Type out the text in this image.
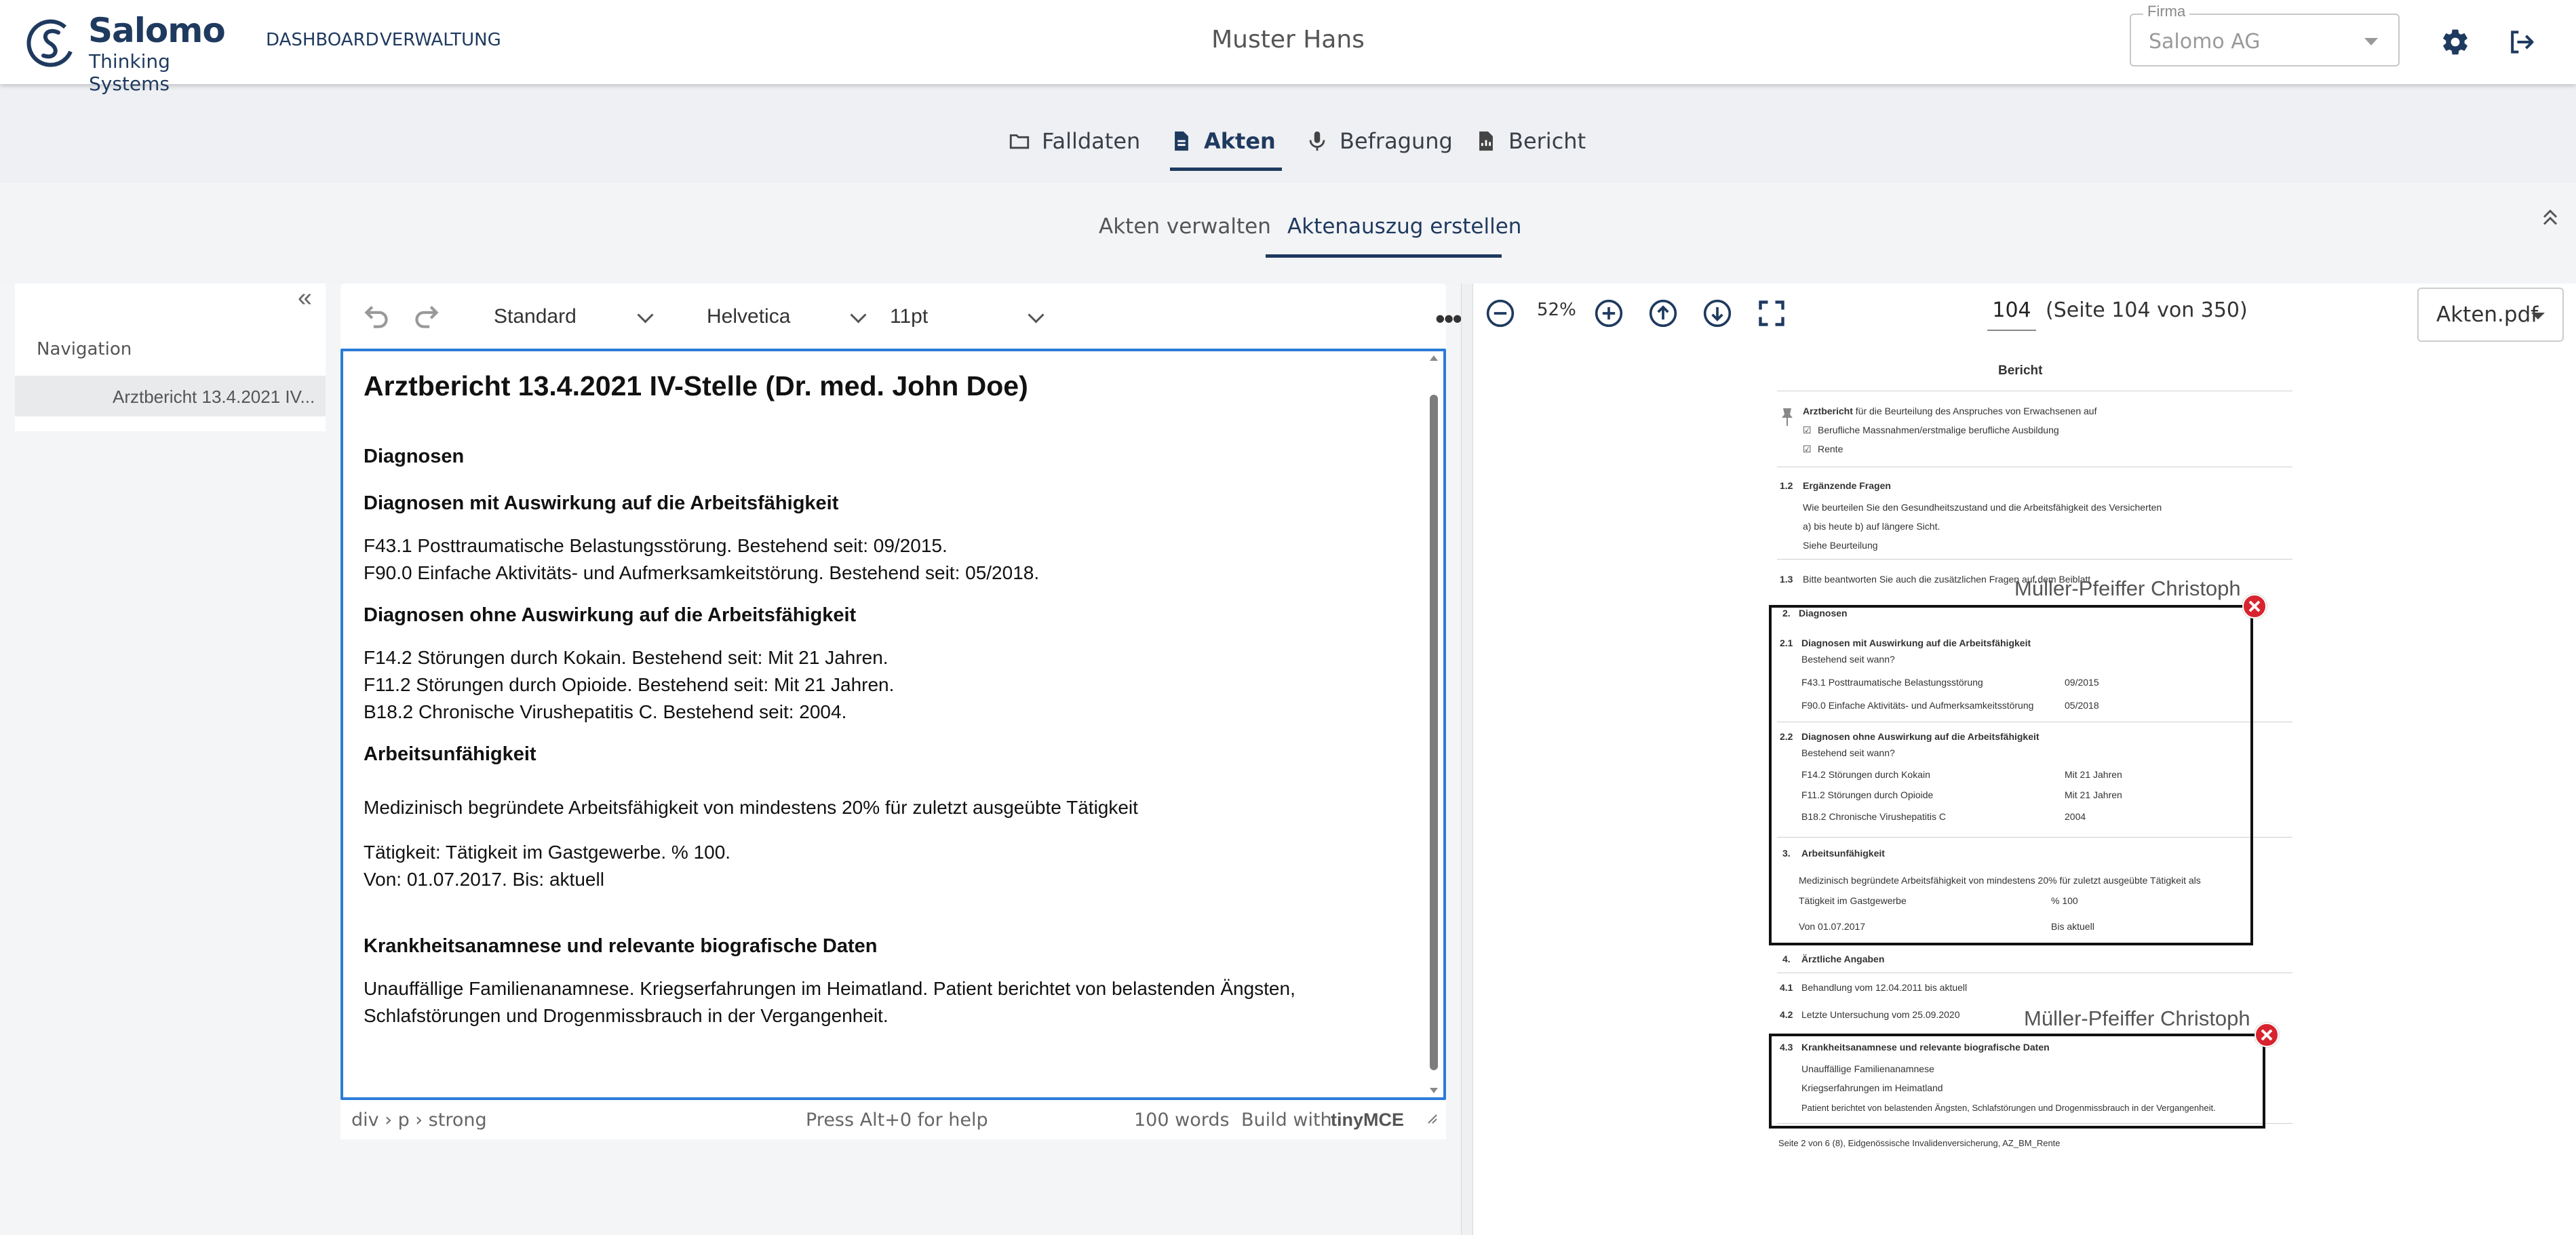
Salomo
Thinking Systems
DASHBOARD VERWALTUNG	Muster Hans
Firma
Salomo AG
Falldaten	Akten	Befragung	Bericht
Akten verwalten Aktenauszug erstellen
«
Navigation
Arztbericht 13.4.2021 IV...
Standard	Helvetica	11pt	•••
Arztbericht 13.4.2021 IV-Stelle (Dr. med. John Doe)

Diagnosen

Diagnosen mit Auswirkung auf die Arbeitsfähigkeit

F43.1 Posttraumatische Belastungsstörung. Bestehend seit: 09/2015.

F90.0 Einfache Aktivitäts- und Aufmerksamkeitstörung. Bestehend seit: 05/2018.

Diagnosen ohne Auswirkung auf die Arbeitsfähigkeit

F14.2 Störungen durch Kokain. Bestehend seit: Mit 21 Jahren.

F11.2 Störungen durch Opioide. Bestehend seit: Mit 21 Jahren.

B18.2 Chronische Virushepatitis C. Bestehend seit: 2004.

Arbeitsunfähigkeit

Medizinisch begründete Arbeitsfähigkeit von mindestens 20% für zuletzt ausgeübte Tätigkeit

Tätigkeit: Tätigkeit im Gastgewerbe. % 100.

Von: 01.07.2017. Bis: aktuell

Krankheitsanamnese und relevante biografische Daten

Unauffällige Familienanamnese. Kriegserfahrungen im Heimatland. Patient berichtet von belastenden Ängsten,

Schlafstörungen und Drogenmissbrauch in der Vergangenheit.

div › p › strong	Press Alt+0 for help	100 words Build with
tinyMCE
52%	104 (Seite 104 von 350)	Akten.pdf
Bericht
Arztbericht für die Beurteilung des Anspruches von Erwachsenen auf
☑ Berufliche Massnahmen/erstmalige berufliche Ausbildung
☑ Rente
1.2 Ergänzende Fragen
Wie beurteilen Sie den Gesundheitszustand und die Arbeitsfähigkeit des Versicherten
a) bis heute b) auf längere Sicht.
Siehe Beurteilung
1.3 Bitte beantworten Sie auch die zusätzlichen Fragen auf dem Beiblatt
2. Diagnosen
2.1 Diagnosen mit Auswirkung auf die Arbeitsfähigkeit
Bestehend seit wann?
F43.1 Posttraumatische Belastungsstörung	09/2015
F90.0 Einfache Aktivitäts- und Aufmerksamkeitsstörung	05/2018
2.2 Diagnosen ohne Auswirkung auf die Arbeitsfähigkeit
Bestehend seit wann?
F14.2 Störungen durch Kokain	Mit 21 Jahren
F11.2 Störungen durch Opioide	Mit 21 Jahren
B18.2 Chronische Virushepatitis C	2004
3. Arbeitsunfähigkeit
Medizinisch begründete Arbeitsfähigkeit von mindestens 20% für zuletzt ausgeübte Tätigkeit als
Tätigkeit im Gastgewerbe	% 100
Von 01.07.2017	Bis aktuell
4. Ärztliche Angaben
4.1 Behandlung vom 12.04.2011 bis aktuell
4.2 Letzte Untersuchung vom 25.09.2020
4.3 Krankheitsanamnese und relevante biografische Daten
Unauffällige Familienanamnese
Kriegserfahrungen im Heimatland
Patient berichtet von belastenden Ängsten, Schlafstörungen und Drogenmissbrauch in der Vergangenheit.
Seite 2 von 6 (8), Eidgenössische Invalidenversicherung, AZ_BM_Rente
Müller-Pfeiffer Christoph
Müller-Pfeiffer Christoph
